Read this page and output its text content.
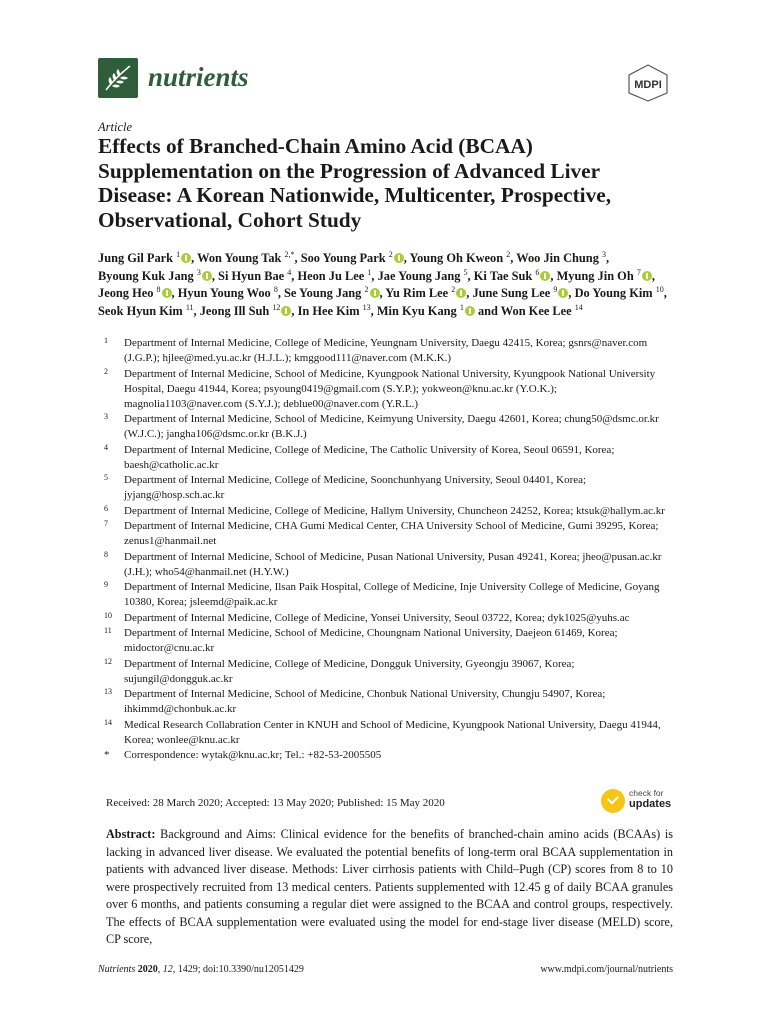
nutrients	MDPI
Article
Effects of Branched-Chain Amino Acid (BCAA) Supplementation on the Progression of Advanced Liver Disease: A Korean Nationwide, Multicenter, Prospective, Observational, Cohort Study
Jung Gil Park $^1$ , Won Young Tak $^{2,*}$, Soo Young Park $^2$ , Young Oh Kweon $^2$, Woo Jin Chung $^3$, Byoung Kuk Jang $^3$ , Si Hyun Bae $^4$, Heon Ju Lee $^1$, Jae Young Jang $^5$, Ki Tae Suk $^6$ , Myung Jin Oh $^7$ , Jeong Heo $^8$ , Hyun Young Woo $^8$, Se Young Jang $^2$ , Yu Rim Lee $^2$ , June Sung Lee $^9$ , Do Young Kim $^{10}$, Seok Hyun Kim $^{11}$, Jeong Ill Suh $^{12}$ , In Hee Kim $^{13}$, Min Kyu Kang $^1$ and Won Kee Lee $^{14}$
1 Department of Internal Medicine, College of Medicine, Yeungnam University, Daegu 42415, Korea; gsnrs@naver.com (J.G.P.); hjlee@med.yu.ac.kr (H.J.L.); kmggood111@naver.com (M.K.K.)
2 Department of Internal Medicine, School of Medicine, Kyungpook National University, Kyungpook National University Hospital, Daegu 41944, Korea; psyoung0419@gmail.com (S.Y.P.); yokweon@knu.ac.kr (Y.O.K.); magnolia1103@naver.com (S.Y.J.); deblue00@naver.com (Y.R.L.)
3 Department of Internal Medicine, School of Medicine, Keimyung University, Daegu 42601, Korea; chung50@dsmc.or.kr (W.J.C.); jangha106@dsmc.or.kr (B.K.J.)
4 Department of Internal Medicine, College of Medicine, The Catholic University of Korea, Seoul 06591, Korea; baesh@catholic.ac.kr
5 Department of Internal Medicine, College of Medicine, Soonchunhyang University, Seoul 04401, Korea; jyjang@hosp.sch.ac.kr
6 Department of Internal Medicine, College of Medicine, Hallym University, Chuncheon 24252, Korea; ktsuk@hallym.ac.kr
7 Department of Internal Medicine, CHA Gumi Medical Center, CHA University School of Medicine, Gumi 39295, Korea; zenus1@hanmail.net
8 Department of Internal Medicine, School of Medicine, Pusan National University, Pusan 49241, Korea; jheo@pusan.ac.kr (J.H.); who54@hanmail.net (H.Y.W.)
9 Department of Internal Medicine, Ilsan Paik Hospital, College of Medicine, Inje University College of Medicine, Goyang 10380, Korea; jsleemd@paik.ac.kr
10 Department of Internal Medicine, College of Medicine, Yonsei University, Seoul 03722, Korea; dyk1025@yuhs.ac
11 Department of Internal Medicine, School of Medicine, Choungnam National University, Daejeon 61469, Korea; midoctor@cnu.ac.kr
12 Department of Internal Medicine, College of Medicine, Dongguk University, Gyeongju 39067, Korea; sujungil@dongguk.ac.kr
13 Department of Internal Medicine, School of Medicine, Chonbuk National University, Chungju 54907, Korea; ihkimmd@chonbuk.ac.kr
14 Medical Research Collabration Center in KNUH and School of Medicine, Kyungpook National University, Daegu 41944, Korea; wonlee@knu.ac.kr
* Correspondence: wytak@knu.ac.kr; Tel.: +82-53-2005505
Received: 28 March 2020; Accepted: 13 May 2020; Published: 15 May 2020
check for
updates

Abstract: Background and Aims: Clinical evidence for the benefits of branched-chain amino acids (BCAAs) is lacking in advanced liver disease. We evaluated the potential benefits of long-term oral BCAA supplementation in patients with advanced liver disease. Methods: Liver cirrhosis patients with Child–Pugh (CP) scores from 8 to 10 were prospectively recruited from 13 medical centers. Patients supplemented with 12.45 g of daily BCAA granules over 6 months, and patients consuming a regular diet were assigned to the BCAA and control groups, respectively. The effects of BCAA supplementation were evaluated using the model for end-stage liver disease (MELD) score, CP score,

Nutrients 2020, 12, 1429; doi:10.3390/nu12051429	www.mdpi.com/journal/nutrients
